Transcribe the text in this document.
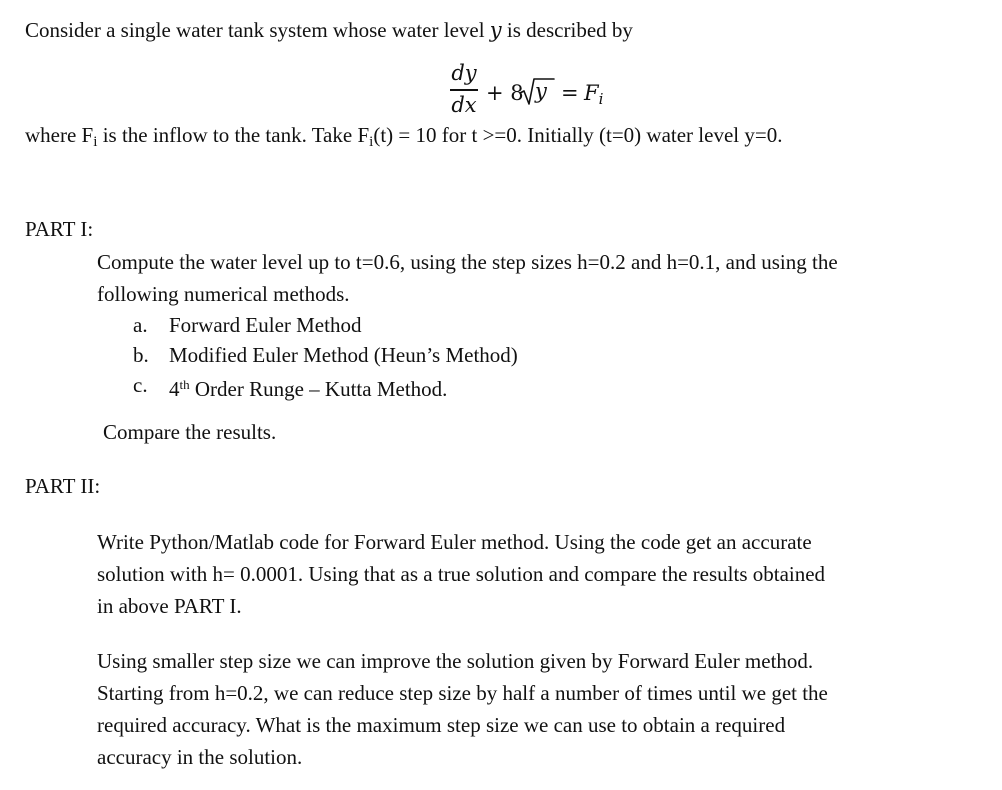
Consider a single water tank system whose water level y is described by
dy
dx + 8 $y = F_i$
where $F_i$ is the inflow to the tank. Take $F_i(t) = 10$ for t >=0. Initially (t=0) water level y=0.
PART I:
Compute the water level up to t=0.6, using the step sizes h=0.2 and h=0.1, and using the
following numerical methods.
a. Forward Euler Method
b. Modified Euler Method (Heun’s Method)
c. 4th Order Runge – Kutta Method.
Compare the results.
PART II:
Write Python/Matlab code for Forward Euler method. Using the code get an accurate
solution with h= 0.0001. Using that as a true solution and compare the results obtained
in above PART I.
Using smaller step size we can improve the solution given by Forward Euler method.
Starting from h=0.2, we can reduce step size by half a number of times until we get the
required accuracy. What is the maximum step size we can use to obtain a required
accuracy in the solution.
